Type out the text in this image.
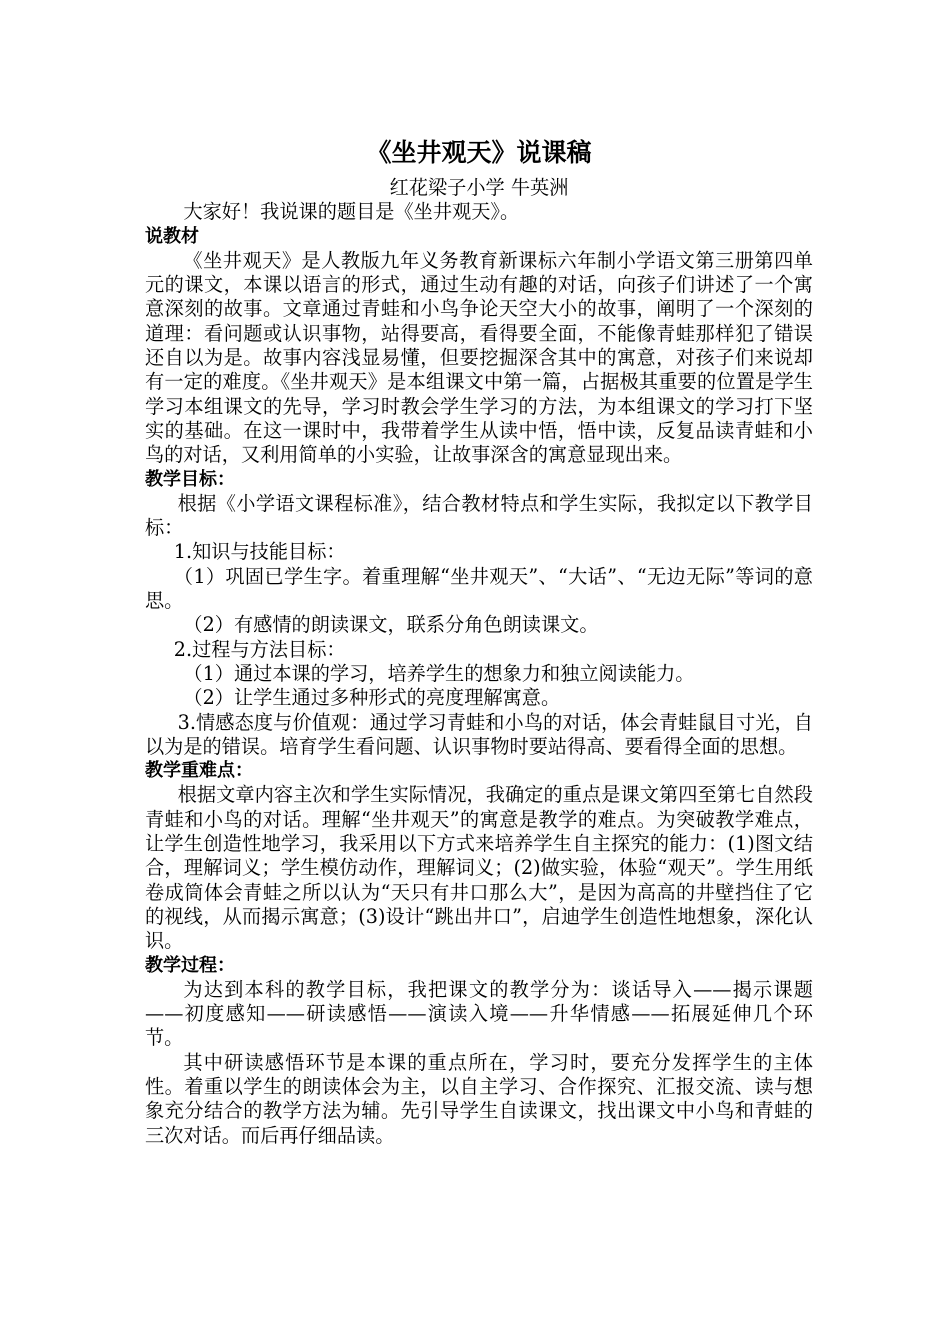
《坐井观天》说课稿

红花梁子小学 牛英洲

大家好！我说课的题目是《坐井观天》。

说教材

《坐井观天》是人教版九年义务教育新课标六年制小学语文第三册第四单元的课文，本课以语言的形式，通过生动有趣的对话，向孩子们讲述了一个寓意深刻的故事。文章通过青蛙和小鸟争论天空大小的故事，阐明了一个深刻的道理：看问题或认识事物，站得要高，看得要全面，不能像青蛙那样犯了错误还自以为是。故事内容浅显易懂，但要挖掘深含其中的寓意，对孩子们来说却有一定的难度。《坐井观天》是本组课文中第一篇，占据极其重要的位置是学生学习本组课文的先导，学习时教会学生学习的方法，为本组课文的学习打下坚实的基础。在这一课时中，我带着学生从读中悟，悟中读，反复品读青蛙和小鸟的对话，又利用简单的小实验，让故事深含的寓意显现出来。

教学目标：

根据《小学语文课程标准》，结合教材特点和学生实际，我拟定以下教学目标：

1.知识与技能目标：

（1）巩固已学生字。着重理解“坐井观天”、“大话”、“无边无际”等词的意思。

（2）有感情的朗读课文，联系分角色朗读课文。

2.过程与方法目标：

（1）通过本课的学习，培养学生的想象力和独立阅读能力。

（2）让学生通过多种形式的亮度理解寓意。

3.情感态度与价值观：通过学习青蛙和小鸟的对话，体会青蛙鼠目寸光，自以为是的错误。培育学生看问题、认识事物时要站得高、要看得全面的思想。

教学重难点：

根据文章内容主次和学生实际情况，我确定的重点是课文第四至第七自然段青蛙和小鸟的对话。理解“坐井观天”的寓意是教学的难点。为突破教学难点，让学生创造性地学习，我采用以下方式来培养学生自主探究的能力：(1)图文结合，理解词义；学生模仿动作，理解词义；(2)做实验，体验“观天”。学生用纸卷成筒体会青蛙之所以认为“天只有井口那么大”，是因为高高的井壁挡住了它的视线，从而揭示寓意；(3)设计“跳出井口”，启迪学生创造性地想象，深化认识。

教学过程：

为达到本科的教学目标，我把课文的教学分为：谈话导入——揭示课题——初度感知——研读感悟——演读入境——升华情感——拓展延伸几个环节。

其中研读感悟环节是本课的重点所在，学习时，要充分发挥学生的主体性。着重以学生的朗读体会为主，以自主学习、合作探究、汇报交流、读与想象充分结合的教学方法为辅。先引导学生自读课文，找出课文中小鸟和青蛙的三次对话。而后再仔细品读。
